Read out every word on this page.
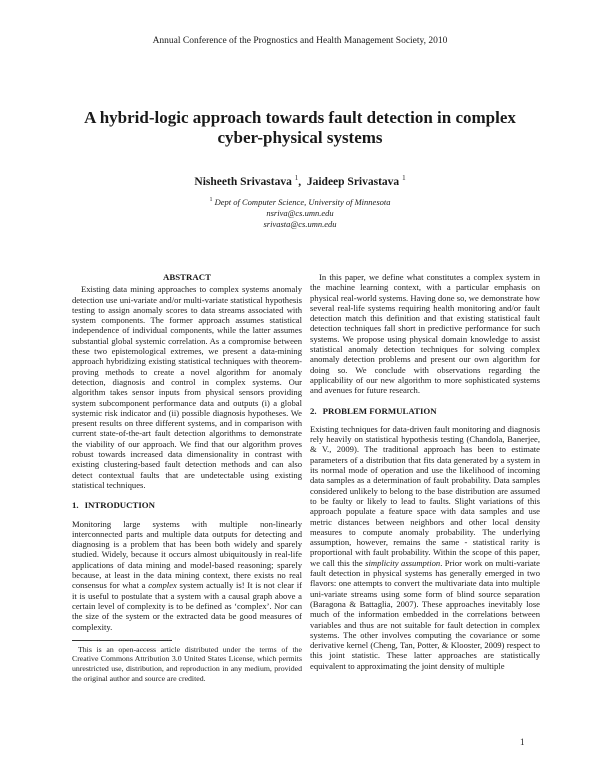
Annual Conference of the Prognostics and Health Management Society, 2010
A hybrid-logic approach towards fault detection in complex cyber-physical systems
Nisheeth Srivastava $^1$, Jaideep Srivastava $^1$
$^1$ Dept of Computer Science, University of Minnesota
nsriva@cs.umn.edu
srivasta@cs.umn.edu
ABSTRACT

Existing data mining approaches to complex systems anomaly detection use uni-variate and/or multi-variate statistical hypothesis testing to assign anomaly scores to data streams associated with system components. The former approach assumes statistical independence of individual components, while the latter assumes substantial global systemic correlation. As a compromise between these two epistemological extremes, we present a data-mining approach hybridizing existing statistical techniques with theorem-proving methods to create a novel algorithm for anomaly detection, diagnosis and control in complex systems. Our algorithm takes sensor inputs from physical sensors providing system subcomponent performance data and outputs (i) a global systemic risk indicator and (ii) possible diagnosis hypotheses. We present results on three different systems, and in comparison with current state-of-the-art fault detection algorithms to demonstrate the viability of our approach. We find that our algorithm proves robust towards increased data dimensionality in contrast with existing clustering-based fault detection methods and can also detect contextual faults that are undetectable using existing statistical techniques.

1. INTRODUCTION

Monitoring large systems with multiple non-linearly interconnected parts and multiple data outputs for detecting and diagnosing is a problem that has been both widely and sparely studied. Widely, because it occurs almost ubiquitously in real-life applications of data mining and model-based reasoning; sparely because, at least in the data mining context, there exists no real consensus for what a complex system actually is! It is not clear if it is useful to postulate that a system with a causal graph above a certain level of complexity is to be defined as ‘complex’. Nor can the size of the system or the extracted data be good measures of complexity.

This is an open-access article distributed under the terms of the Creative Commons Attribution 3.0 United States License, which permits unrestricted use, distribution, and reproduction in any medium, provided the original author and source are credited.

In this paper, we define what constitutes a complex system in the machine learning context, with a particular emphasis on physical real-world systems. Having done so, we demonstrate how several real-life systems requiring health monitoring and/or fault detection match this definition and that existing statistical fault detection techniques fall short in predictive performance for such systems. We propose using physical domain knowledge to assist statistical anomaly detection techniques for solving complex anomaly detection problems and present our own algorithm for doing so. We conclude with observations regarding the applicability of our new algorithm to more sophisticated systems and avenues for future research.

2. PROBLEM FORMULATION

Existing techniques for data-driven fault monitoring and diagnosis rely heavily on statistical hypothesis testing (Chandola, Banerjee, & V., 2009). The traditional approach has been to estimate parameters of a distribution that fits data generated by a system in its normal mode of operation and use the likelihood of incoming data samples as a determination of fault probability. Data samples considered unlikely to belong to the base distribution are assumed to be faulty or likely to lead to faults. Slight variations of this approach populate a feature space with data samples and use metric distances between neighbors and other local density measures to compute anomaly probability. The underlying assumption, however, remains the same - statistical rarity is proportional with fault probability. Within the scope of this paper, we call this the simplicity assumption. Prior work on multi-variate fault detection in physical systems has generally emerged in two flavors: one attempts to convert the multivariate data into multiple uni-variate streams using some form of blind source separation (Baragona & Battaglia, 2007). These approaches inevitably lose much of the information embedded in the correlations between variables and thus are not suitable for fault detection in complex systems. The other involves computing the covariance or some derivative kernel (Cheng, Tan, Potter, & Klooster, 2009) respect to this joint statistic. These latter approaches are statistically equivalent to approximating the joint density of multiple

1
